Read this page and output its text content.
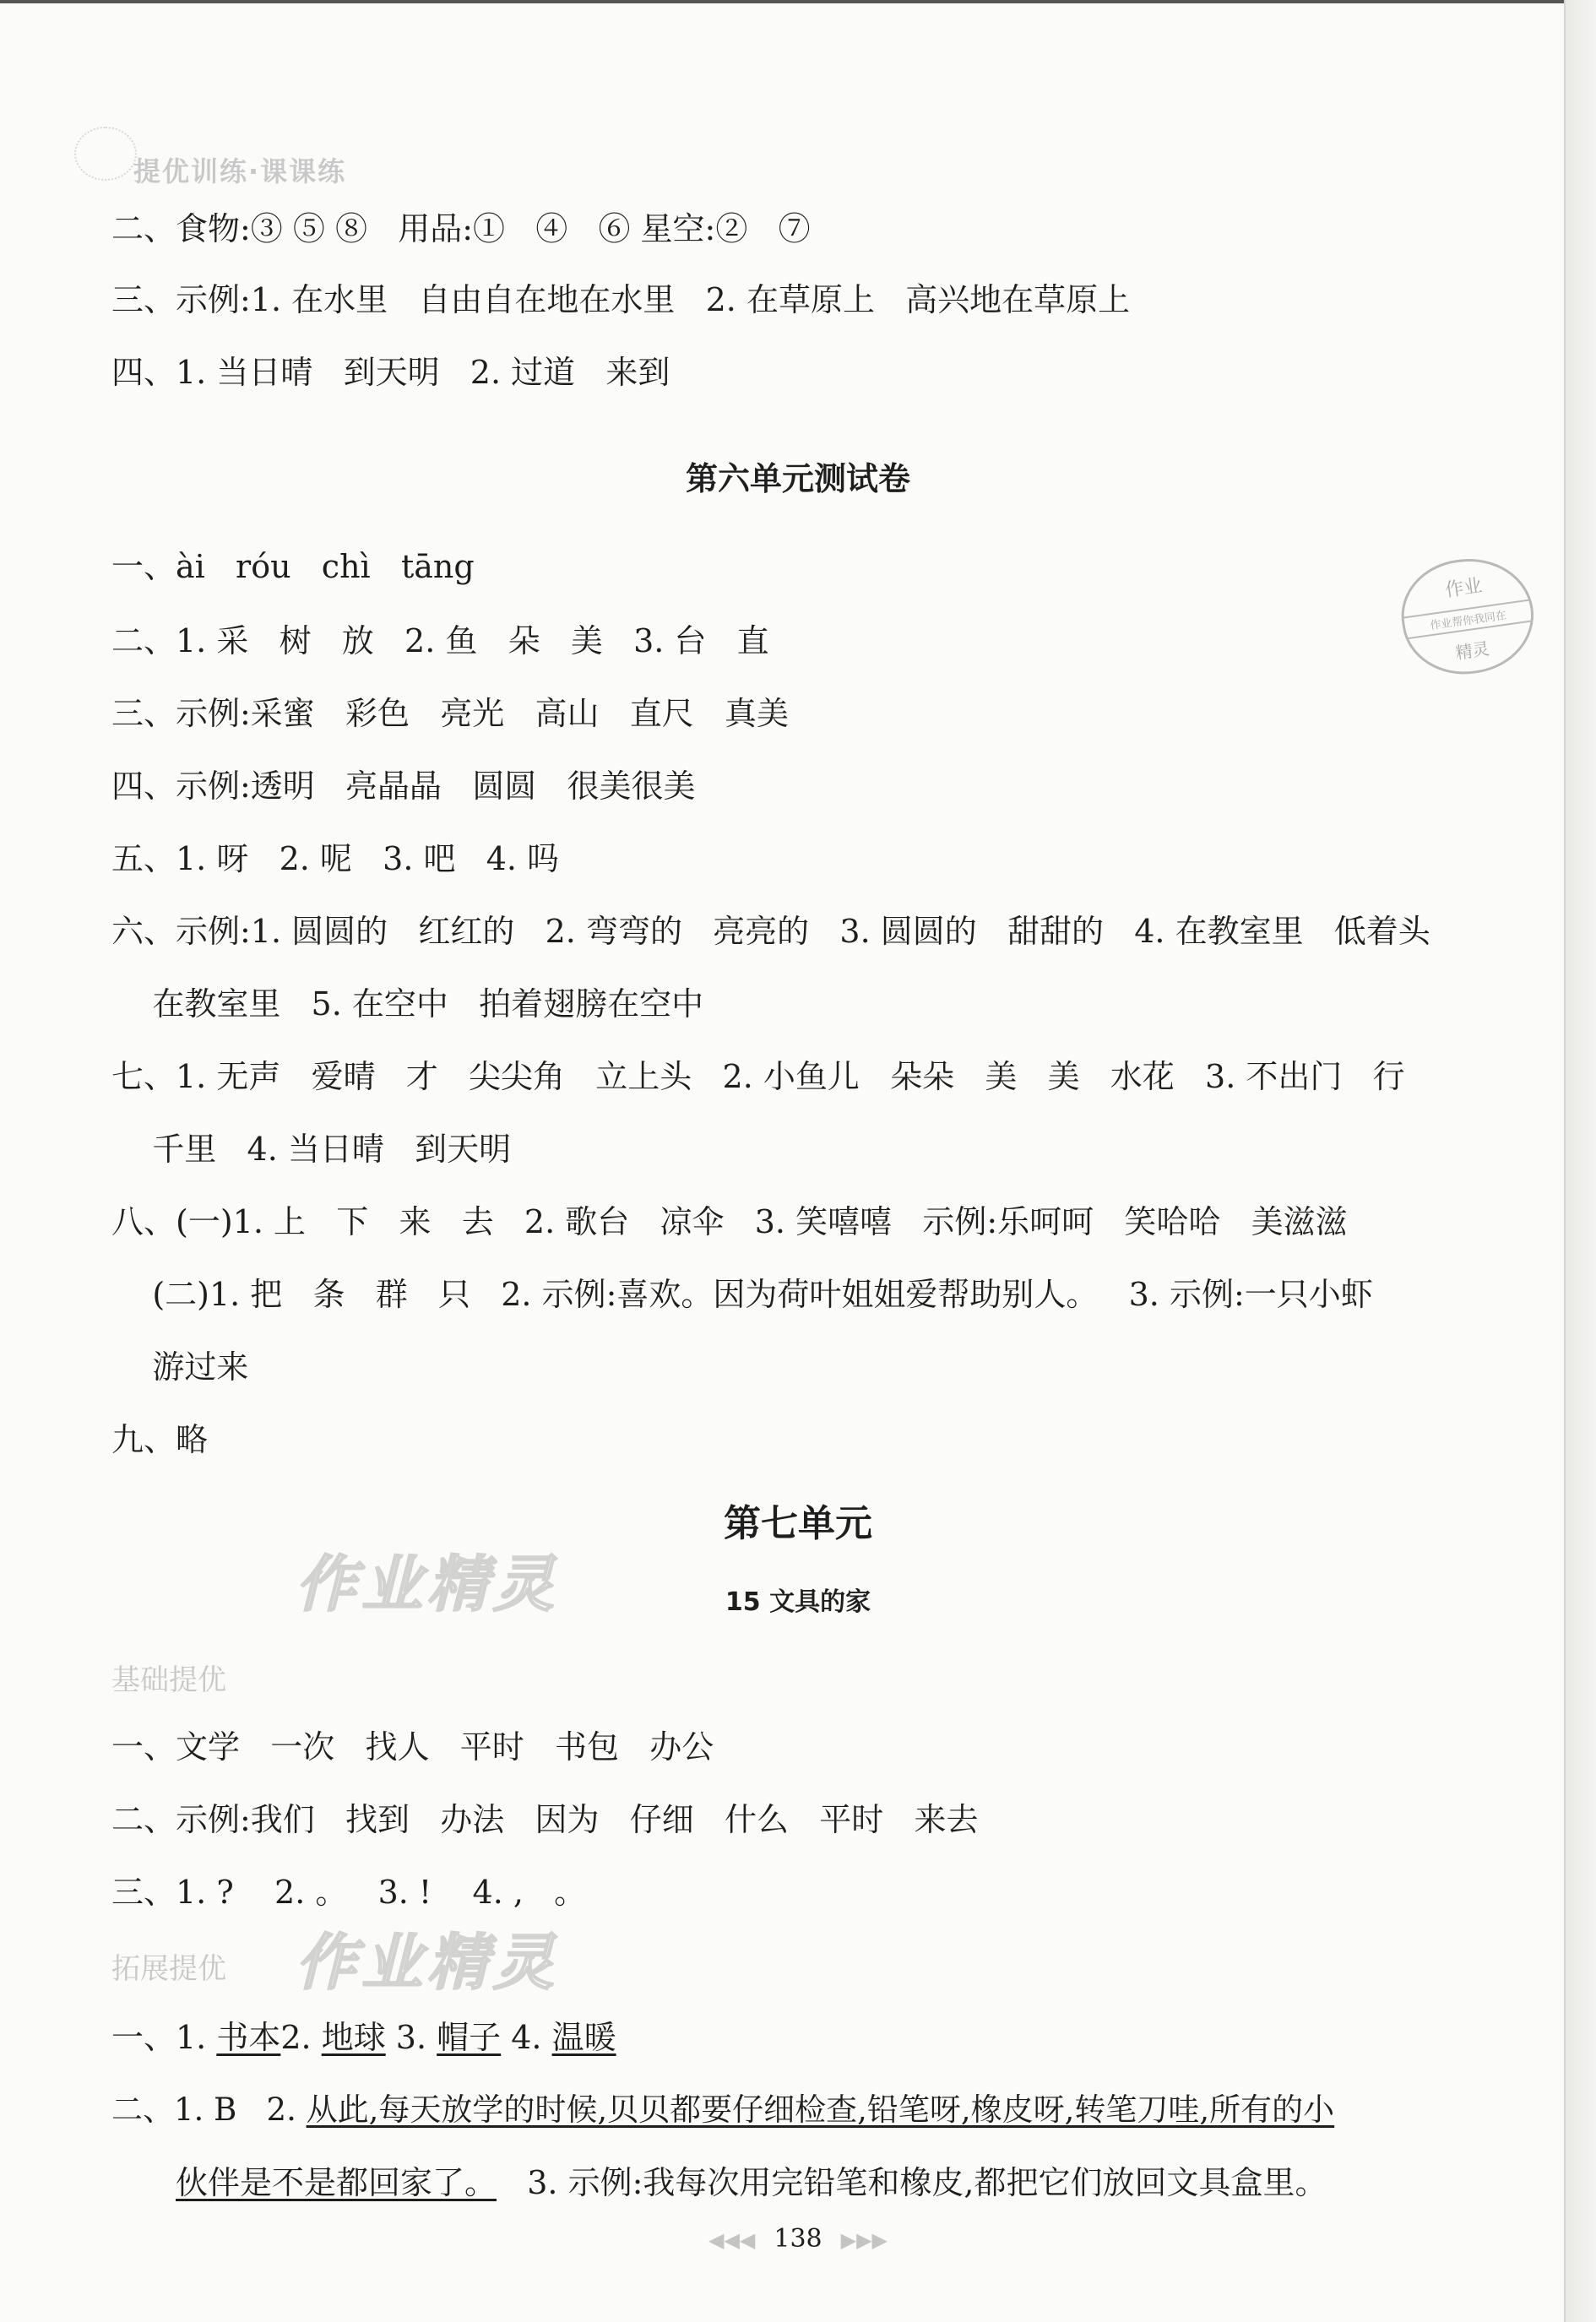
提优训练·课课练
二、食物:③ ⑤ ⑧   用品:①   ④   ⑥ 星空:②   ⑦
三、示例:1. 在水里   自由自在地在水里   2. 在草原上   高兴地在草原上
四、1. 当日晴   到天明   2. 过道   来到
第六单元测试卷
一、ài   róu   chì   tāng
二、1. 采   树   放   2. 鱼   朵   美   3. 台   直
三、示例:采蜜   彩色   亮光   高山   直尺   真美
四、示例:透明   亮晶晶   圆圆   很美很美
五、1. 呀   2. 呢   3. 吧   4. 吗
六、示例:1. 圆圆的   红红的   2. 弯弯的   亮亮的   3. 圆圆的   甜甜的   4. 在教室里   低着头
在教室里   5. 在空中   拍着翅膀在空中
七、1. 无声   爱晴   才   尖尖角   立上头   2. 小鱼儿   朵朵   美   美   水花   3. 不出门   行
千里   4. 当日晴   到天明
八、(一)1. 上   下   来   去   2. 歌台   凉伞   3. 笑嘻嘻   示例:乐呵呵   笑哈哈   美滋滋
(二)1. 把   条   群   只   2. 示例:喜欢。因为荷叶姐姐爱帮助别人。   3. 示例:一只小虾
游过来
九、略
第七单元
15 文具的家
基础提优
一、文学   一次   找人   平时   书包   办公
二、示例:我们   找到   办法   因为   仔细   什么   平时   来去
三、1. ?    2. 。   3. !    4. ,   。
拓展提优
一、1. 书本2. 地球 3. 帽子 4. 温暖
二、1. B   2. 从此,每天放学的时候,贝贝都要仔细检查,铅笔呀,橡皮呀,转笔刀哇,所有的小
伙伴是不是都回家了。   3. 示例:我每次用完铅笔和橡皮,都把它们放回文具盒里。
◀◀◀ 138 ▶▶▶
作业精灵
作业精灵
作业
作业帮你我同在
精灵
